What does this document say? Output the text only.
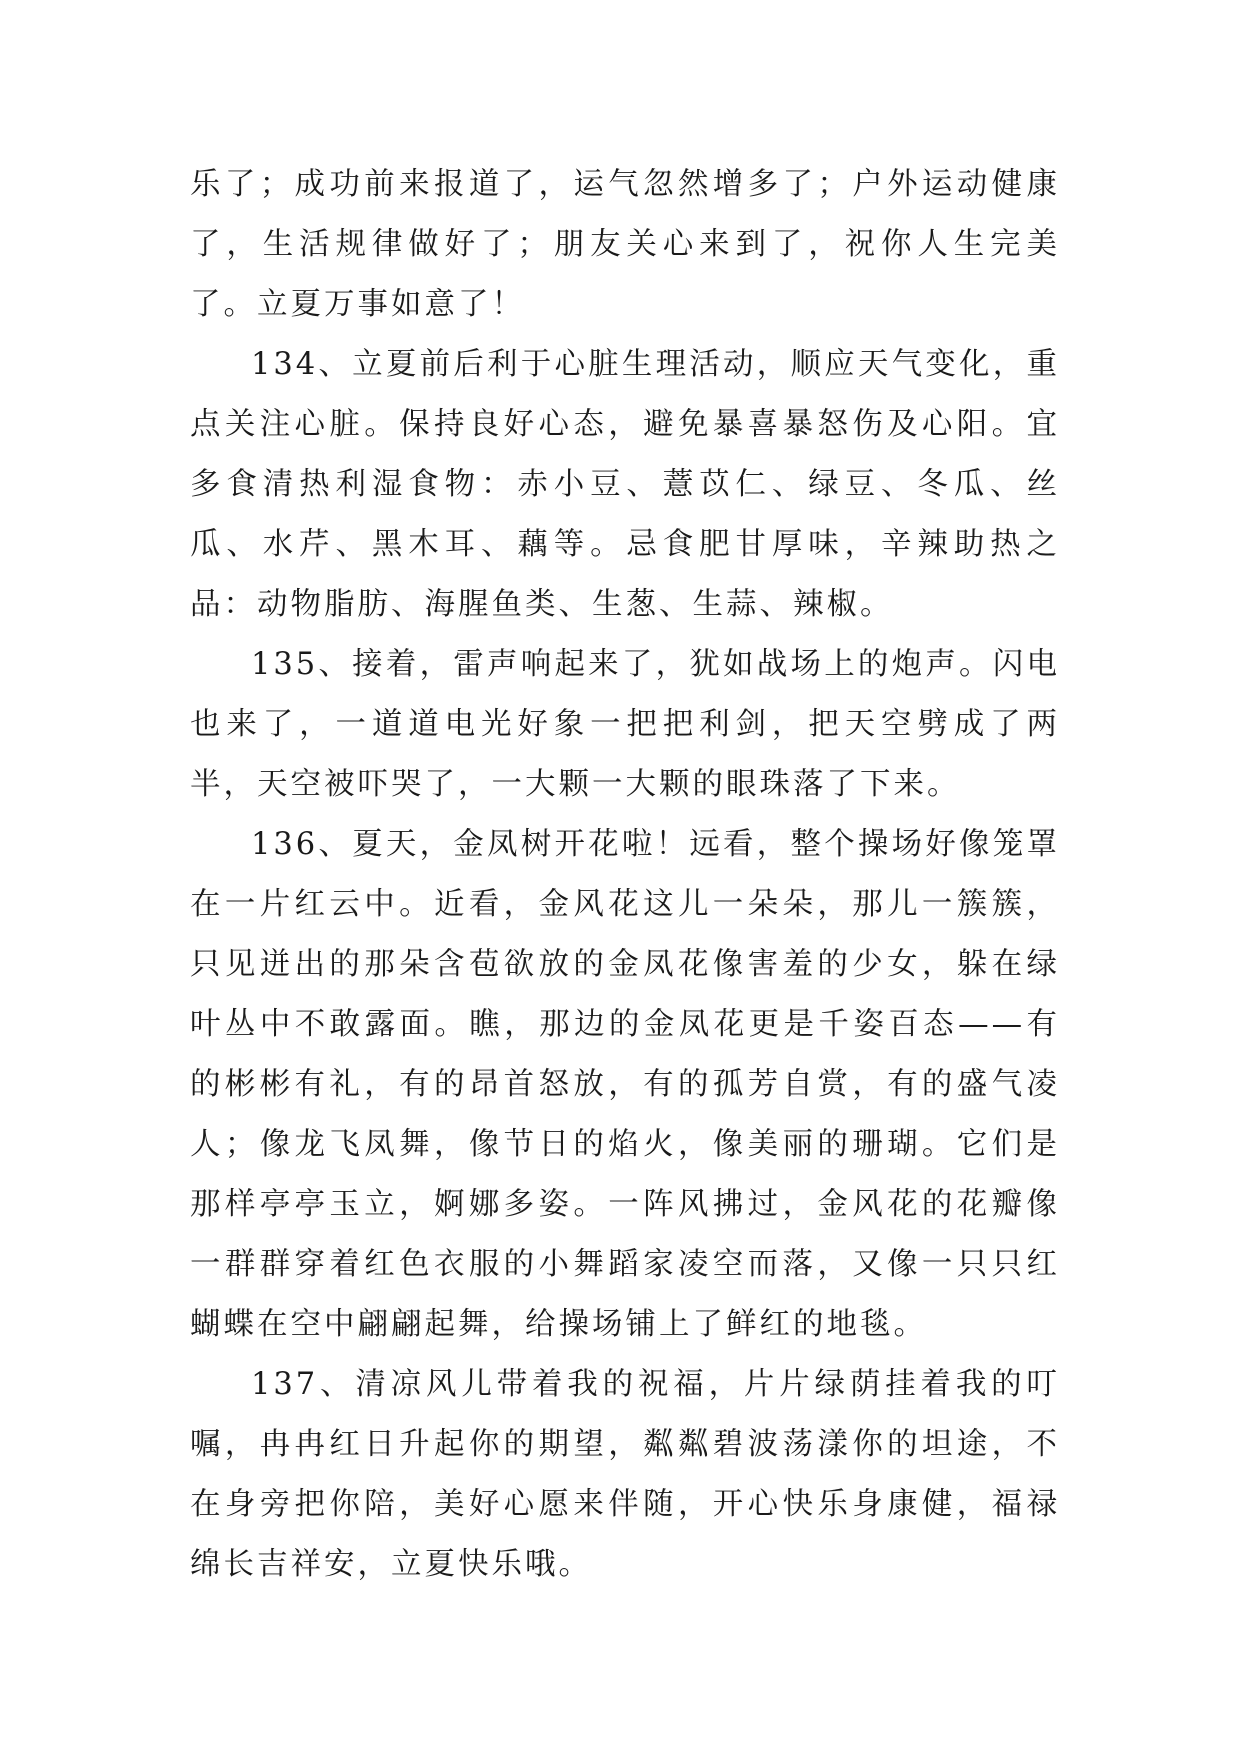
乐了；成功前来报道了，运气忽然增多了；户外运动健康了，生活规律做好了；朋友关心来到了，祝你人生完美了。立夏万事如意了！

134、立夏前后利于心脏生理活动，顺应天气变化，重点关注心脏。保持良好心态，避免暴喜暴怒伤及心阳。宜多食清热利湿食物：赤小豆、薏苡仁、绿豆、冬瓜、丝瓜、水芹、黑木耳、藕等。忌食肥甘厚味，辛辣助热之品：动物脂肪、海腥鱼类、生葱、生蒜、辣椒。

135、接着，雷声响起来了，犹如战场上的炮声。闪电也来了，一道道电光好象一把把利剑，把天空劈成了两半，天空被吓哭了，一大颗一大颗的眼珠落了下来。

136、夏天，金凤树开花啦！远看，整个操场好像笼罩在一片红云中。近看，金风花这儿一朵朵，那儿一簇簇，只见迸出的那朵含苞欲放的金凤花像害羞的少女，躲在绿叶丛中不敢露面。瞧，那边的金凤花更是千姿百态——有的彬彬有礼，有的昂首怒放，有的孤芳自赏，有的盛气凌人；像龙飞凤舞，像节日的焰火，像美丽的珊瑚。它们是那样亭亭玉立，婀娜多姿。一阵风拂过，金风花的花瓣像一群群穿着红色衣服的小舞蹈家凌空而落，又像一只只红蝴蝶在空中翩翩起舞，给操场铺上了鲜红的地毯。

137、清凉风儿带着我的祝福，片片绿荫挂着我的叮嘱，冉冉红日升起你的期望，粼粼碧波荡漾你的坦途，不在身旁把你陪，美好心愿来伴随，开心快乐身康健，福禄绵长吉祥安，立夏快乐哦。
